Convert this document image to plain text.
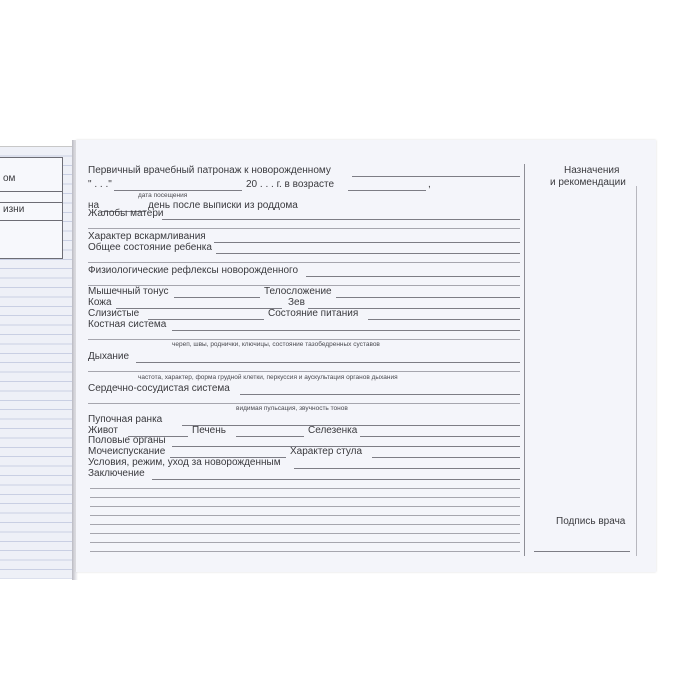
ом
изни
Первичный врачебный патронаж к новорожденному
" . . ."	20 . . . г. в возрасте	,
дата посещения
на	день после выписки из роддома
Жалобы матери
Характер вскармливания
Общее состояние ребенка
Физиологические рефлексы новорожденного
Мышечный тонус	Телосложение
Кожа	Зев
Слизистые	Состояние питания
Костная система
череп, швы, роднички, ключицы, состояние тазобедренных суставов
Дыхание
частота, характер, форма грудной клетки, перкуссия и аускультация органов дыхания
Сердечно-сосудистая система
видимая пульсация, звучность тонов
Пупочная ранка
Живот	Печень	Селезенка
Половые органы
Мочеиспускание	Характер стула
Условия, режим, уход за новорожденным
Заключение
Назначения
и рекомендации
Подпись врача
